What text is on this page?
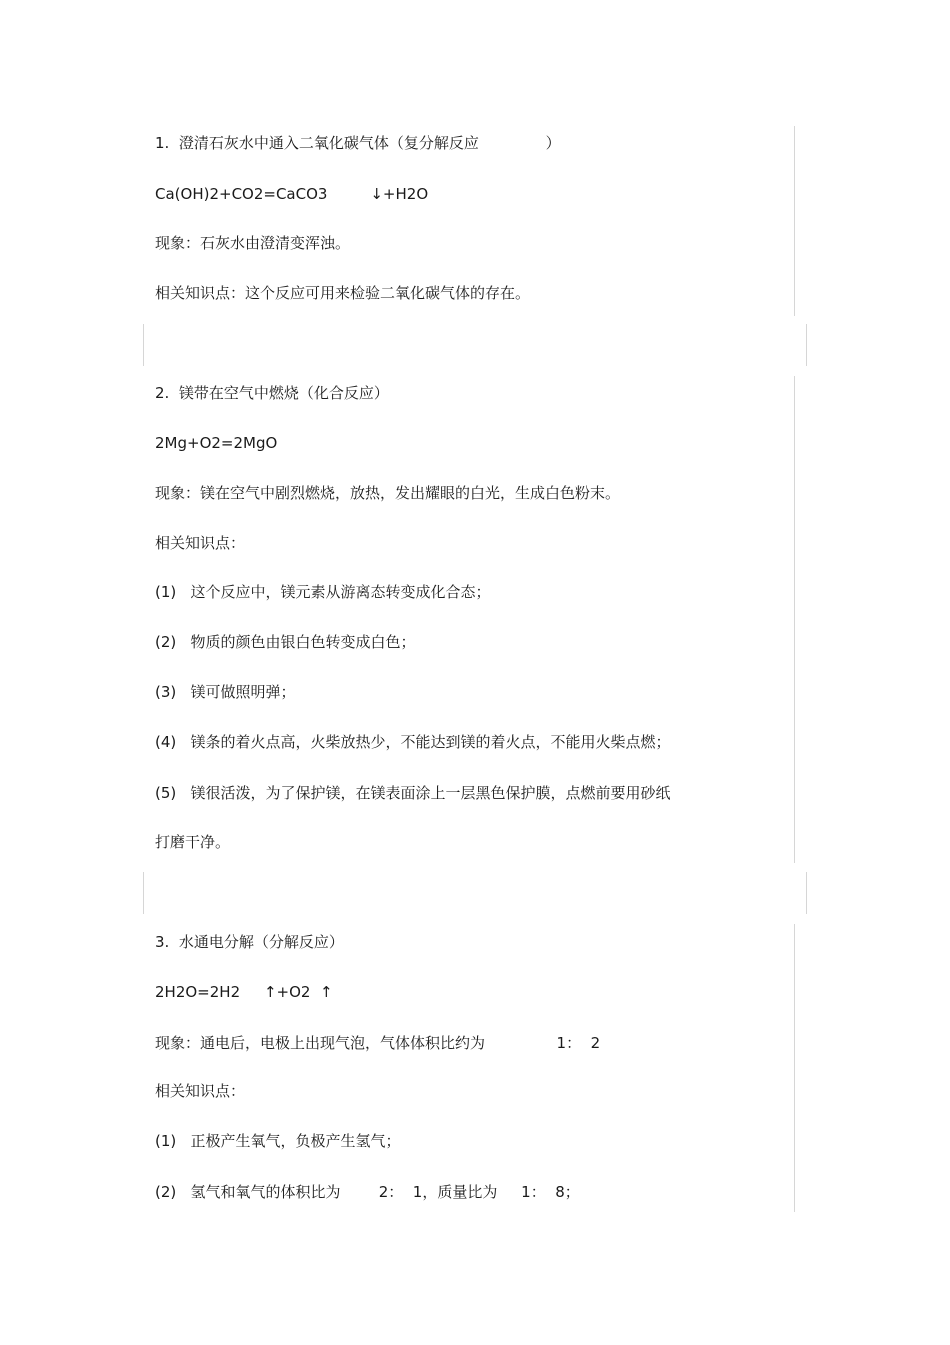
1.  澄清石灰水中通入二氧化碳气体（复分解反应              ）
Ca(OH)2+CO2=CaCO3         ↓+H2O
现象：石灰水由澄清变浑浊。
相关知识点：这个反应可用来检验二氧化碳气体的存在。
2.  镁带在空气中燃烧（化合反应）
2Mg+O2=2MgO
现象：镁在空气中剧烈燃烧，放热，发出耀眼的白光，生成白色粉末。
相关知识点：
(1)   这个反应中，镁元素从游离态转变成化合态；
(2)   物质的颜色由银白色转变成白色；
(3)   镁可做照明弹；
(4)   镁条的着火点高，火柴放热少，不能达到镁的着火点，不能用火柴点燃；
(5)   镁很活泼，为了保护镁，在镁表面涂上一层黑色保护膜，点燃前要用砂纸
打磨干净。
3.  水通电分解（分解反应）
2H2O=2H2     ↑+O2  ↑
现象：通电后，电极上出现气泡，气体体积比约为               1：  2
相关知识点：
(1)   正极产生氧气，负极产生氢气；
(2)   氢气和氧气的体积比为        2：  1，质量比为     1：  8；
